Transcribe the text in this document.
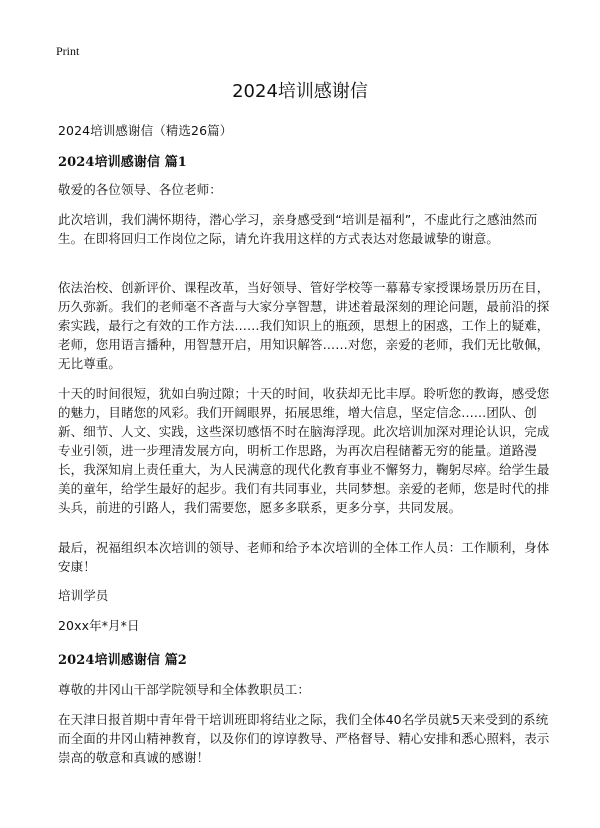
Print
2024培训感谢信

2024培训感谢信（精选26篇）

2024培训感谢信 篇1

敬爱的各位领导、各位老师：

此次培训，我们满怀期待，潜心学习，亲身感受到“培训是福利”，不虚此行之感油然而生。在即将回归工作岗位之际，请允许我用这样的方式表达对您最诚挚的谢意。

依法治校、创新评价、课程改革，当好领导、管好学校等一幕幕专家授课场景历历在目，历久弥新。我们的老师毫不吝啬与大家分享智慧，讲述着最深刻的理论问题，最前沿的探索实践，最行之有效的工作方法……我们知识上的瓶颈，思想上的困惑，工作上的疑难，老师，您用语言播种，用智慧开启，用知识解答……对您，亲爱的老师，我们无比敬佩，无比尊重。

十天的时间很短，犹如白驹过隙；十天的时间，收获却无比丰厚。聆听您的教诲，感受您的魅力，目睹您的风彩。我们开阔眼界，拓展思维，增大信息，坚定信念……团队、创新、细节、人文、实践，这些深切感悟不时在脑海浮现。此次培训加深对理论认识，完成专业引领，进一步理清发展方向，明析工作思路，为再次启程储蓄无穷的能量。道路漫长，我深知肩上责任重大，为人民满意的现代化教育事业不懈努力，鞠躬尽瘁。给学生最美的童年，给学生最好的起步。我们有共同事业，共同梦想。亲爱的老师，您是时代的排头兵，前进的引路人，我们需要您，愿多多联系，更多分享，共同发展。

最后，祝福组织本次培训的领导、老师和给予本次培训的全体工作人员：工作顺利，身体安康！

培训学员

20xx年*月*日

2024培训感谢信 篇2

尊敬的井冈山干部学院领导和全体教职员工：

在天津日报首期中青年骨干培训班即将结业之际，我们全体40名学员就5天来受到的系统而全面的井冈山精神教育，以及你们的谆谆教导、严格督导、精心安排和悉心照料，表示崇高的敬意和真诚的感谢！
